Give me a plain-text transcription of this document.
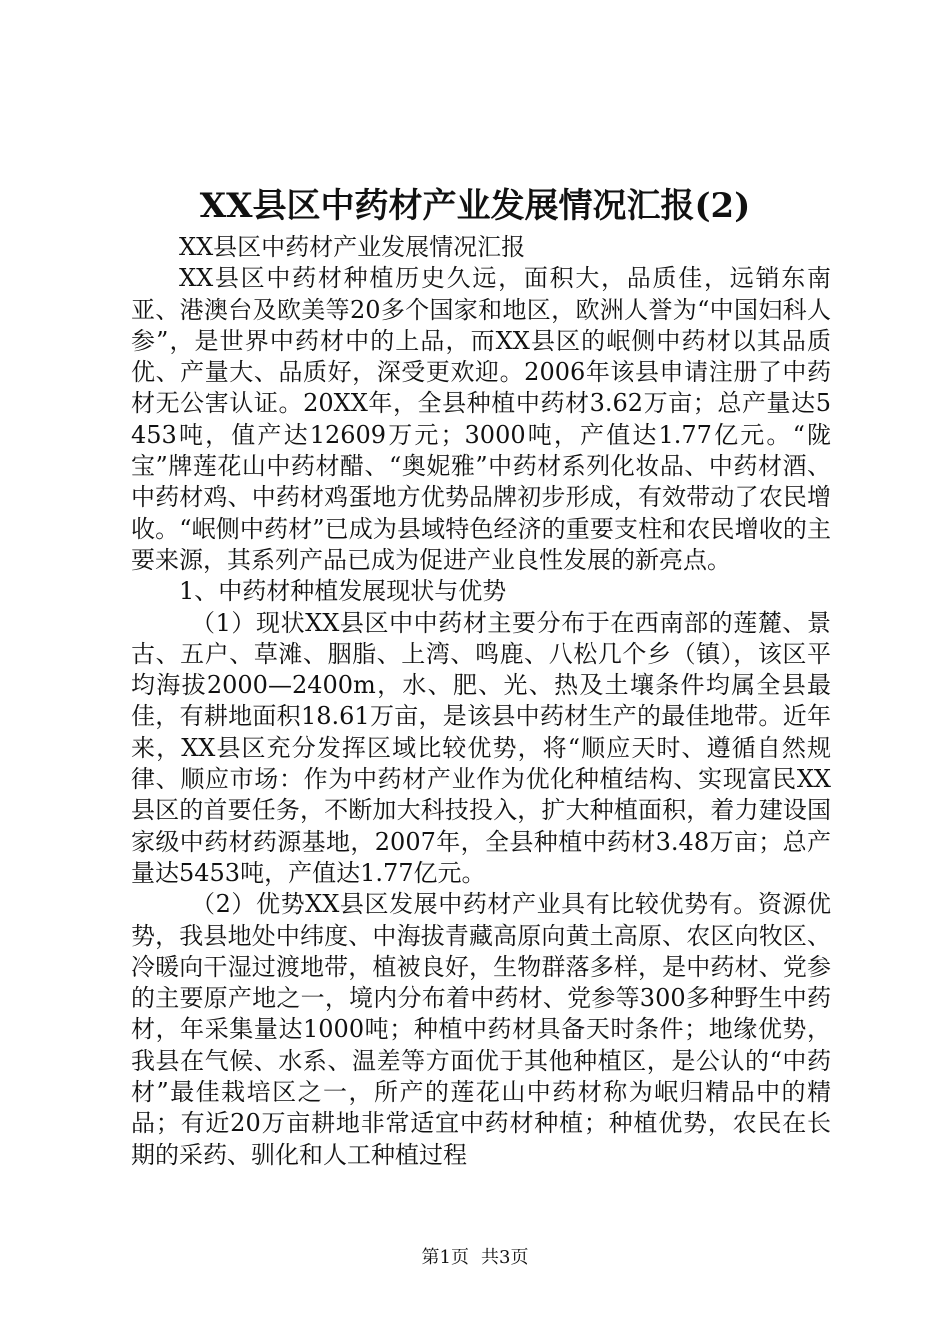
XX县区中药材产业发展情况汇报(2)

XX县区中药材产业发展情况汇报

XX县区中药材种植历史久远，面积大，品质佳，远销东南亚、港澳台及欧美等20多个国家和地区，欧洲人誉为“中国妇科人参”，是世界中药材中的上品，而XX县区的岷侧中药材以其品质优、产量大、品质好，深受更欢迎。2006年该县申请注册了中药材无公害认证。20XX年，全县种植中药材3.62万亩；总产量达5453吨，值产达12609万元；3000吨，产值达1.77亿元。“陇宝”牌莲花山中药材醋、“奥妮雅”中药材系列化妆品、中药材酒、中药材鸡、中药材鸡蛋地方优势品牌初步形成，有效带动了农民增收。“岷侧中药材”已成为县域特色经济的重要支柱和农民增收的主要来源，其系列产品已成为促进产业良性发展的新亮点。

1、中药材种植发展现状与优势

（1）现状XX县区中中药材主要分布于在西南部的莲麓、景古、五户、草滩、胭脂、上湾、鸣鹿、八松几个乡（镇），该区平均海拔2000—2400m，水、肥、光、热及土壤条件均属全县最佳，有耕地面积18.61万亩，是该县中药材生产的最佳地带。近年来，XX县区充分发挥区域比较优势，将“顺应天时、遵循自然规律、顺应市场：作为中药材产业作为优化种植结构、实现富民XX县区的首要任务，不断加大科技投入，扩大种植面积，着力建设国家级中药材药源基地，2007年，全县种植中药材3.48万亩；总产量达5453吨，产值达1.77亿元。

（2）优势XX县区发展中药材产业具有比较优势有。资源优势，我县地处中纬度、中海拔青藏高原向黄土高原、农区向牧区、冷暖向干湿过渡地带，植被良好，生物群落多样，是中药材、党参的主要原产地之一，境内分布着中药材、党参等300多种野生中药材，年采集量达1000吨；种植中药材具备天时条件；地缘优势，我县在气候、水系、温差等方面优于其他种植区，是公认的“中药材”最佳栽培区之一，所产的莲花山中药材称为岷归精品中的精品；有近20万亩耕地非常适宜中药材种植；种植优势，农民在长期的采药、驯化和人工种植过程

第1页 共3页
